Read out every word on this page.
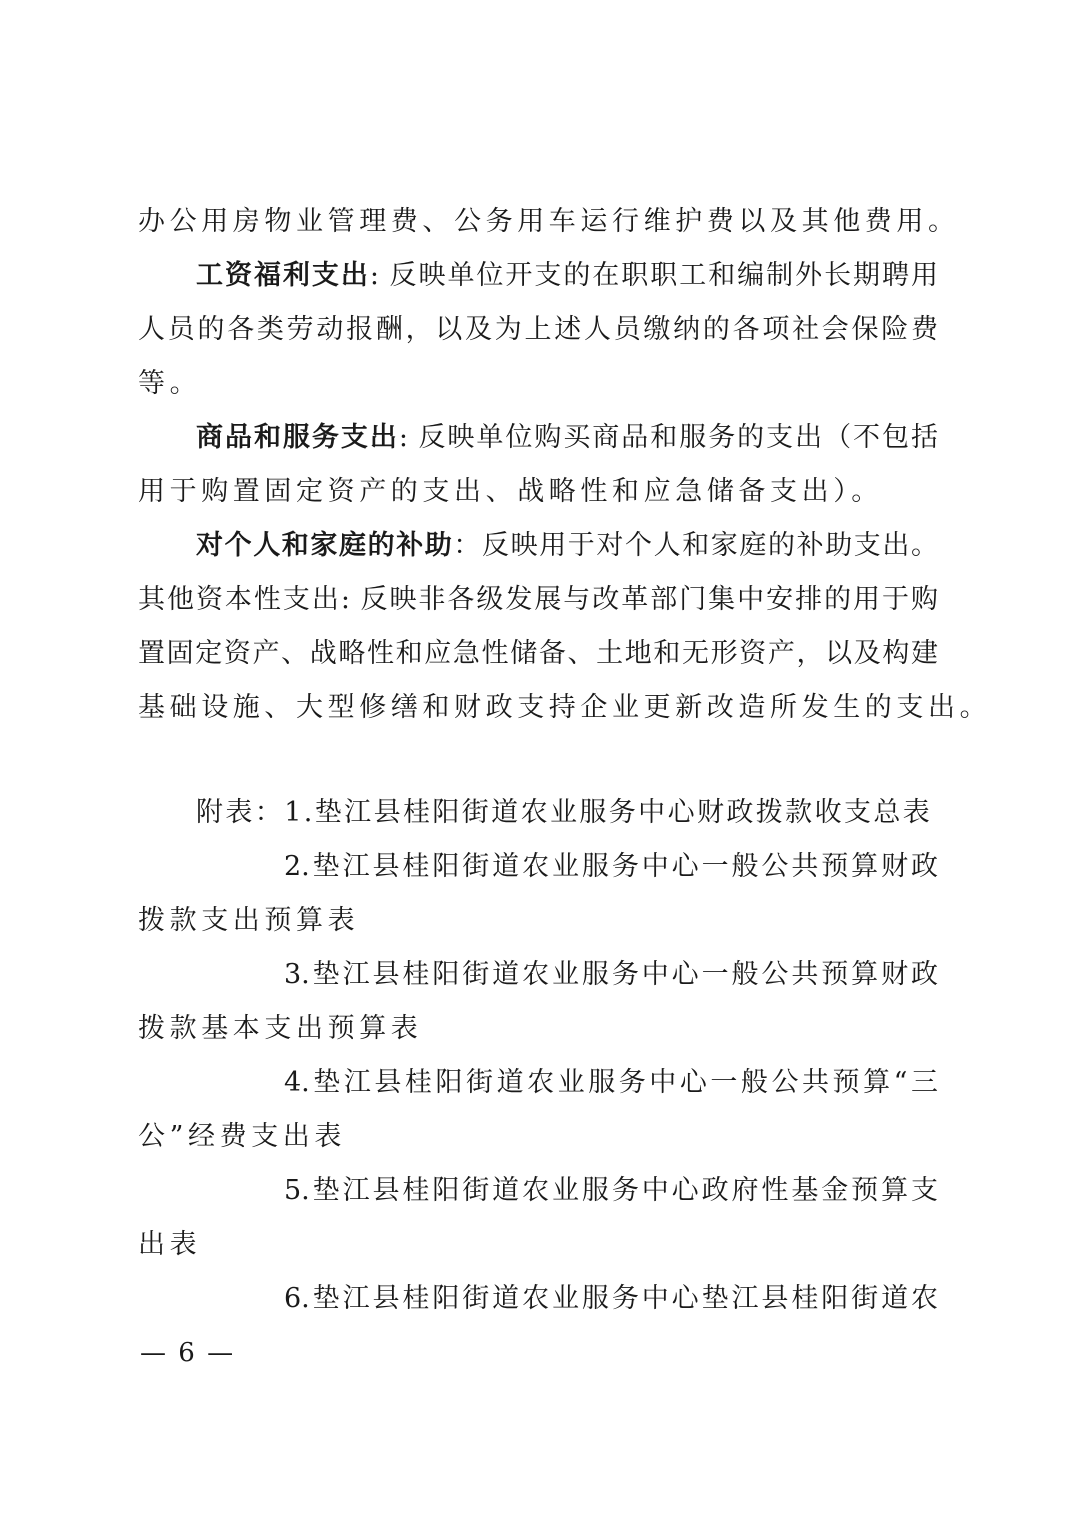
办公用房物业管理费、公务用车运行维护费以及其他费用。
工资福利支出: 反映单位开支的在职职工和编制外长期聘用
人员的各类劳动报酬，以及为上述人员缴纳的各项社会保险费
等。
商品和服务支出: 反映单位购买商品和服务的支出（不包括
用于购置固定资产的支出、战略性和应急储备支出）。
对个人和家庭的补助：反映用于对个人和家庭的补助支出。
其他资本性支出: 反映非各级发展与改革部门集中安排的用于购
置固定资产、战略性和应急性储备、土地和无形资产，以及构建
基础设施、大型修缮和财政支持企业更新改造所发生的支出。
附表：1.垫江县桂阳街道农业服务中心财政拨款收支总表
2.垫江县桂阳街道农业服务中心一般公共预算财政
拨款支出预算表
3.垫江县桂阳街道农业服务中心一般公共预算财政
拨款基本支出预算表
4.垫江县桂阳街道农业服务中心一般公共预算“三
公”经费支出表
5.垫江县桂阳街道农业服务中心政府性基金预算支
出表
6.垫江县桂阳街道农业服务中心垫江县桂阳街道农
— 6 —
